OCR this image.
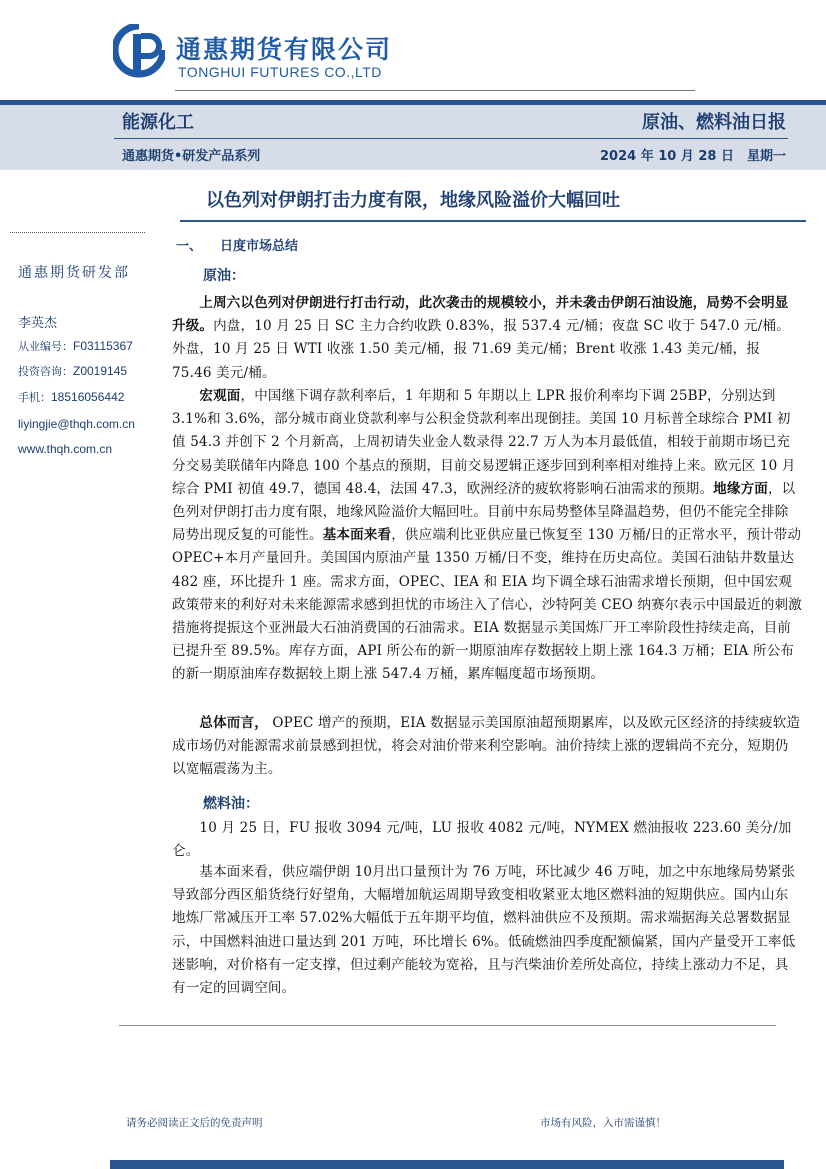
通惠期货有限公司
TONGHUI FUTURES CO.,LTD
能源化工	原油、燃料油日报
通惠期货•研发产品系列	2024 年 10 月 28 日　星期一
以色列对伊朗打击力度有限，地缘风险溢价大幅回吐
通惠期货研发部
李英杰
从业编号：F03115367
投资咨询：Z0019145
手机：18516056442
liyingjie@thqh.com.cn
www.thqh.com.cn
一、 日度市场总结
原油：

  上周六以色列对伊朗进行打击行动，此次袭击的规模较小，并未袭击伊朗石油设施，局势不会明显升级。内盘，10 月 25 日 SC 主力合约收跌 0.83%，报 537.4 元/桶；夜盘 SC 收于 547.0 元/桶。外盘，10 月 25 日 WTI 收涨 1.50 美元/桶，报 71.69 美元/桶；Brent 收涨 1.43 美元/桶，报 75.46 美元/桶。

  宏观面，中国继下调存款利率后，1 年期和 5 年期以上 LPR 报价利率均下调 25BP，分别达到 3.1%和 3.6%，部分城市商业贷款利率与公积金贷款利率出现倒挂。美国 10 月标普全球综合 PMI 初值 54.3 并创下 2 个月新高，上周初请失业金人数录得 22.7 万人为本月最低值，相较于前期市场已充分交易美联储年内降息 100 个基点的预期，目前交易逻辑正逐步回到利率相对维持上来。欧元区 10 月综合 PMI 初值 49.7，德国 48.4，法国 47.3，欧洲经济的疲软将影响石油需求的预期。地缘方面，以色列对伊朗打击力度有限，地缘风险溢价大幅回吐。目前中东局势整体呈降温趋势，但仍不能完全排除局势出现反复的可能性。基本面来看，供应端利比亚供应量已恢复至 130 万桶/日的正常水平，预计带动 OPEC+本月产量回升。美国国内原油产量 1350 万桶/日不变，维持在历史高位。美国石油钻井数量达 482 座，环比提升 1 座。需求方面，OPEC、IEA 和 EIA 均下调全球石油需求增长预期，但中国宏观政策带来的利好对未来能源需求感到担忧的市场注入了信心，沙特阿美 CEO 纳赛尔表示中国最近的刺激措施将提振这个亚洲最大石油消费国的石油需求。EIA 数据显示美国炼厂开工率阶段性持续走高，目前已提升至 89.5%。库存方面，API 所公布的新一期原油库存数据较上期上涨 164.3 万桶；EIA 所公布的新一期原油库存数据较上期上涨 547.4 万桶，累库幅度超市场预期。

  总体而言， OPEC 增产的预期，EIA 数据显示美国原油超预期累库，以及欧元区经济的持续疲软造成市场仍对能源需求前景感到担忧，将会对油价带来利空影响。油价持续上涨的逻辑尚不充分，短期仍以宽幅震荡为主。

燃料油：

  10 月 25 日，FU 报收 3094 元/吨，LU 报收 4082 元/吨，NYMEX 燃油报收 223.60 美分/加仑。

  基本面来看，供应端伊朗 10月出口量预计为 76 万吨，环比减少 46 万吨，加之中东地缘局势紧张导致部分西区船货绕行好望角，大幅增加航运周期导致变相收紧亚太地区燃料油的短期供应。国内山东地炼厂常减压开工率 57.02%大幅低于五年期平均值，燃料油供应不及预期。需求端据海关总署数据显示，中国燃料油进口量达到 201 万吨，环比增长 6%。低硫燃油四季度配额偏紧，国内产量受开工率低迷影响，对价格有一定支撑，但过剩产能较为宽裕，且与汽柴油价差所处高位，持续上涨动力不足，具有一定的回调空间。

请务必阅读正文后的免责声明	市场有风险，入市需谨慎！
